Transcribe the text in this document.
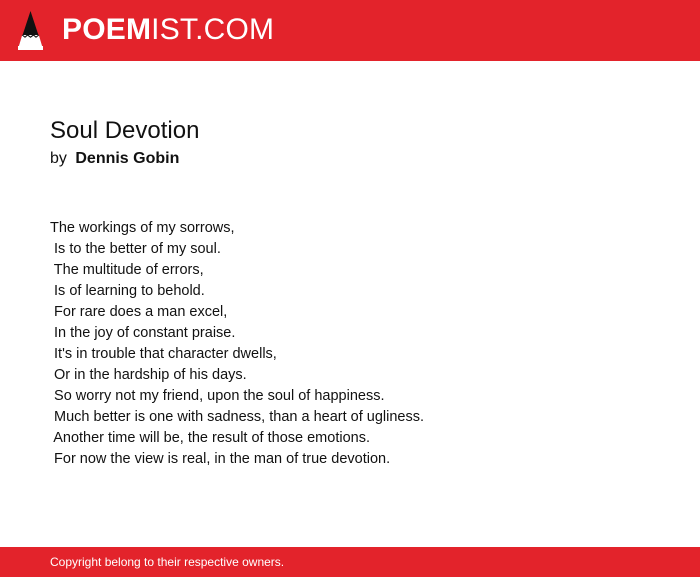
POEMIST.COM
Soul Devotion
by Dennis Gobin
The workings of my sorrows,
Is to the better of my soul.
The multitude of errors,
Is of learning to behold.
For rare does a man excel,
In the joy of constant praise.
It's in trouble that character dwells,
Or in the hardship of his days.
So worry not my friend, upon the soul of happiness.
Much better is one with sadness, than a heart of ugliness.
Another time will be, the result of those emotions.
For now the view is real, in the man of true devotion.
Copyright belong to their respective owners.
